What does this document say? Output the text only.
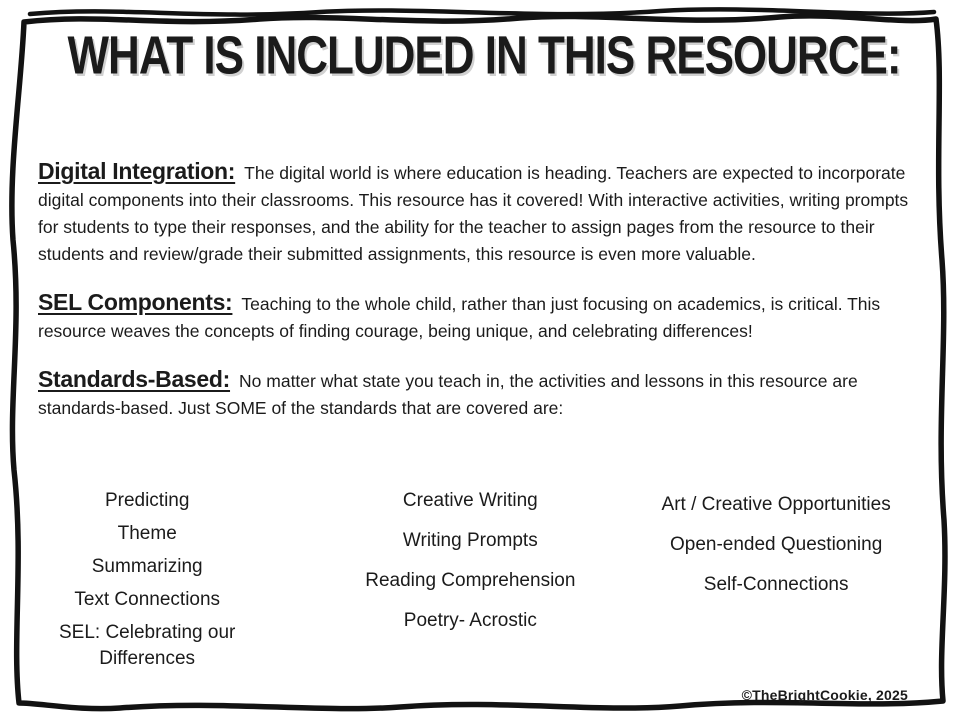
WHAT IS INCLUDED IN THIS RESOURCE:

Digital Integration: The digital world is where education is heading. Teachers are expected to incorporate digital components into their classrooms. This resource has it covered! With interactive activities, writing prompts for students to type their responses, and the ability for the teacher to assign pages from the resource to their students and review/grade their submitted assignments, this resource is even more valuable.

SEL Components: Teaching to the whole child, rather than just focusing on academics, is critical. This resource weaves the concepts of finding courage, being unique, and celebrating differences!

Standards-Based: No matter what state you teach in, the activities and lessons in this resource are standards-based. Just SOME of the standards that are covered are:

Predicting
Theme
Summarizing
Text Connections
SEL: Celebrating our Differences
Creative Writing
Writing Prompts
Reading Comprehension
Poetry- Acrostic
Art / Creative Opportunities
Open-ended Questioning
Self-Connections
©TheBrightCookie, 2025
